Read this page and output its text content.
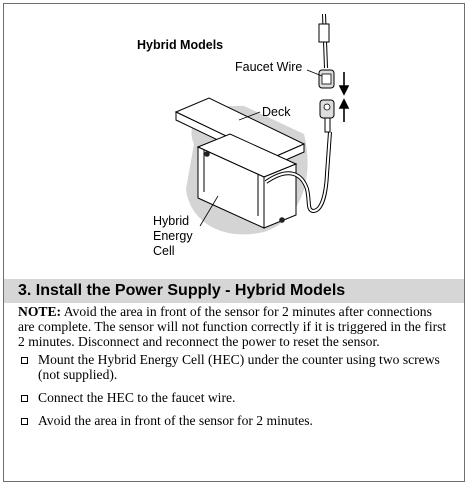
Hybrid Models
Faucet Wire
Deck
Hybrid
Energy
Cell
3. Install the Power Supply - Hybrid Models
NOTE: Avoid the area in front of the sensor for 2 minutes after connections are complete. The sensor will not function correctly if it is triggered in the first 2 minutes. Disconnect and reconnect the power to reset the sensor.
Mount the Hybrid Energy Cell (HEC) under the counter using two screws (not supplied).
Connect the HEC to the faucet wire.
Avoid the area in front of the sensor for 2 minutes.
